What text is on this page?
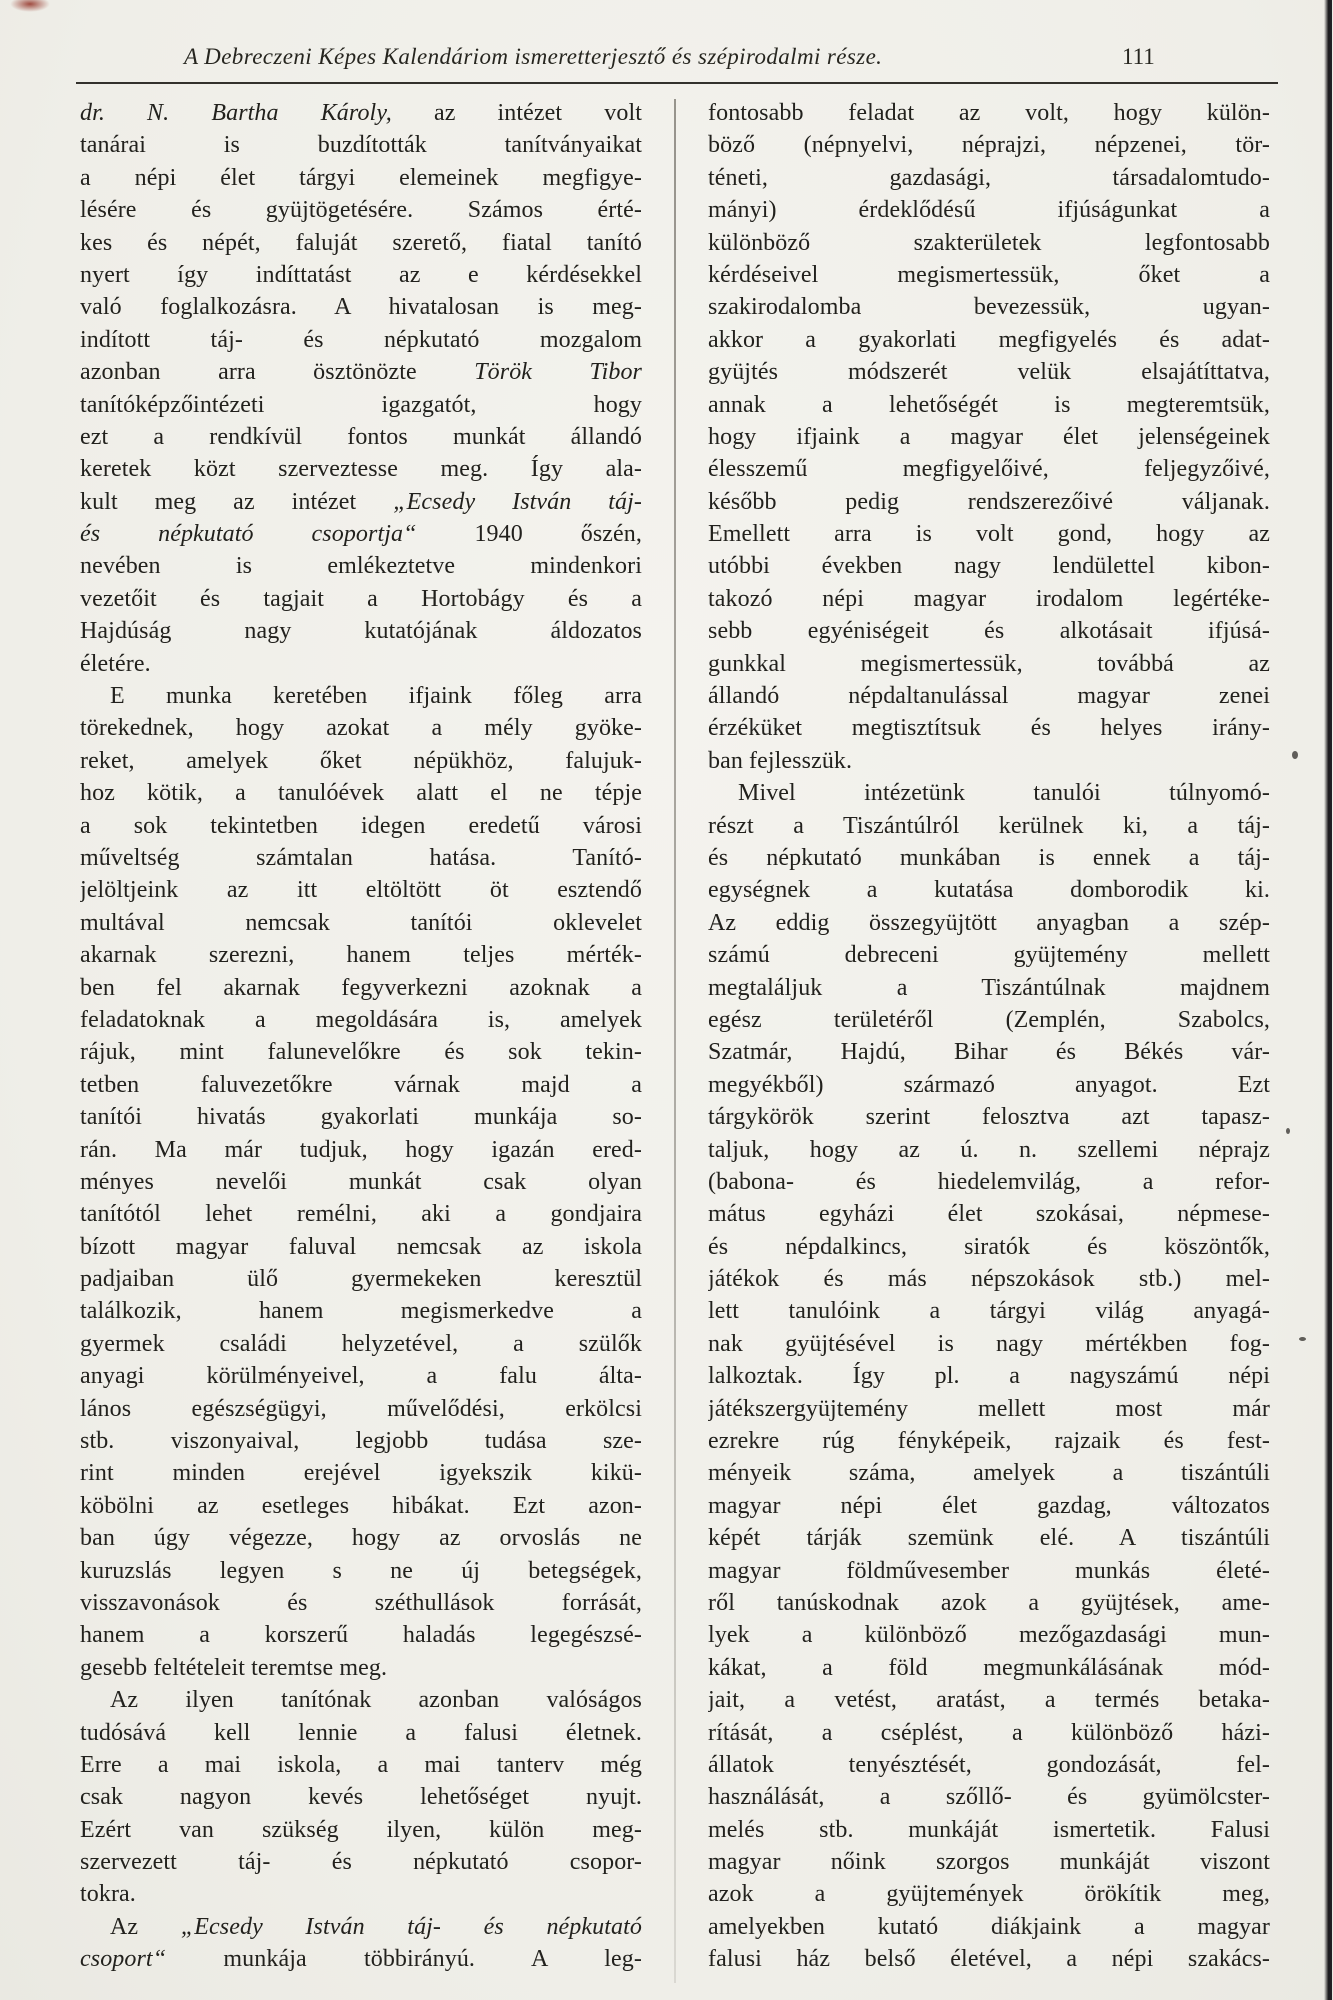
A Debreczeni Képes Kalendáriom ismeretterjesztő és szépirodalmi része.	111
dr. N. Bartha Károly, az intézet volt
tanárai is buzdították tanítványaikat
a népi élet tárgyi elemeinek megfigye-
lésére és gyüjtögetésére. Számos érté-
kes és népét, faluját szerető, fiatal tanító
nyert így indíttatást az e kérdésekkel
való foglalkozásra. A hivatalosan is meg-
indított táj- és népkutató mozgalom
azonban arra ösztönözte Török Tibor
tanítóképzőintézeti igazgatót, hogy
ezt a rendkívül fontos munkát állandó
keretek közt szerveztesse meg. Így ala-
kult meg az intézet „Ecsedy István táj-
és népkutató csoportja“ 1940 őszén,
nevében is emlékeztetve mindenkori
vezetőit és tagjait a Hortobágy és a
Hajdúság nagy kutatójának áldozatos
életére.
E munka keretében ifjaink főleg arra
törekednek, hogy azokat a mély gyöke-
reket, amelyek őket népükhöz, falujuk-
hoz kötik, a tanulóévek alatt el ne tépje
a sok tekintetben idegen eredetű városi
műveltség számtalan hatása. Tanító-
jelöltjeink az itt eltöltött öt esztendő
multával nemcsak tanítói oklevelet
akarnak szerezni, hanem teljes mérték-
ben fel akarnak fegyverkezni azoknak a
feladatoknak a megoldására is, amelyek
rájuk, mint falunevelőkre és sok tekin-
tetben faluvezetőkre várnak majd a
tanítói hivatás gyakorlati munkája so-
rán. Ma már tudjuk, hogy igazán ered-
ményes nevelői munkát csak olyan
tanítótól lehet remélni, aki a gondjaira
bízott magyar faluval nemcsak az iskola
padjaiban ülő gyermekeken keresztül
találkozik, hanem megismerkedve a
gyermek családi helyzetével, a szülők
anyagi körülményeivel, a falu álta-
lános egészségügyi, művelődési, erkölcsi
stb. viszonyaival, legjobb tudása sze-
rint minden erejével igyekszik kikü-
köbölni az esetleges hibákat. Ezt azon-
ban úgy végezze, hogy az orvoslás ne
kuruzslás legyen s ne új betegségek,
visszavonások és széthullások forrását,
hanem a korszerű haladás legegészsé-
gesebb feltételeit teremtse meg.
Az ilyen tanítónak azonban valóságos
tudósává kell lennie a falusi életnek.
Erre a mai iskola, a mai tanterv még
csak nagyon kevés lehetőséget nyujt.
Ezért van szükség ilyen, külön meg-
szervezett táj- és népkutató csopor-
tokra.
Az „Ecsedy István táj- és népkutató
csoport“ munkája többirányú. A leg-
fontosabb feladat az volt, hogy külön-
böző (népnyelvi, néprajzi, népzenei, tör-
téneti, gazdasági, társadalomtudo-
mányi) érdeklődésű ifjúságunkat a
különböző szakterületek legfontosabb
kérdéseivel megismertessük, őket a
szakirodalomba bevezessük, ugyan-
akkor a gyakorlati megfigyelés és adat-
gyüjtés módszerét velük elsajátíttatva,
annak a lehetőségét is megteremtsük,
hogy ifjaink a magyar élet jelenségeinek
élesszemű megfigyelőivé, feljegyzőivé,
később pedig rendszerezőivé váljanak.
Emellett arra is volt gond, hogy az
utóbbi években nagy lendülettel kibon-
takozó népi magyar irodalom legértéke-
sebb egyéniségeit és alkotásait ifjúsá-
gunkkal megismertessük, továbbá az
állandó népdaltanulással magyar zenei
érzéküket megtisztítsuk és helyes irány-
ban fejlesszük.
Mivel intézetünk tanulói túlnyomó-
részt a Tiszántúlról kerülnek ki, a táj-
és népkutató munkában is ennek a táj-
egységnek a kutatása domborodik ki.
Az eddig összegyüjtött anyagban a szép-
számú debreceni gyüjtemény mellett
megtaláljuk a Tiszántúlnak majdnem
egész területéről (Zemplén, Szabolcs,
Szatmár, Hajdú, Bihar és Békés vár-
megyékből) származó anyagot. Ezt
tárgykörök szerint felosztva azt tapasz-
taljuk, hogy az ú. n. szellemi néprajz
(babona- és hiedelemvilág, a refor-
mátus egyházi élet szokásai, népmese-
és népdalkincs, siratók és köszöntők,
játékok és más népszokások stb.) mel-
lett tanulóink a tárgyi világ anyagá-
nak gyüjtésével is nagy mértékben fog-
lalkoztak. Így pl. a nagyszámú népi
játékszergyüjtemény mellett most már
ezrekre rúg fényképeik, rajzaik és fest-
ményeik száma, amelyek a tiszántúli
magyar népi élet gazdag, változatos
képét tárják szemünk elé. A tiszántúli
magyar földművesember munkás életé-
ről tanúskodnak azok a gyüjtések, ame-
lyek a különböző mezőgazdasági mun-
kákat, a föld megmunkálásának mód-
jait, a vetést, aratást, a termés betaka-
rítását, a cséplést, a különböző házi-
állatok tenyésztését, gondozását, fel-
használását, a szőllő- és gyümölcster-
melés stb. munkáját ismertetik. Falusi
magyar nőink szorgos munkáját viszont
azok a gyüjtemények örökítik meg,
amelyekben kutató diákjaink a magyar
falusi ház belső életével, a népi szakács-
